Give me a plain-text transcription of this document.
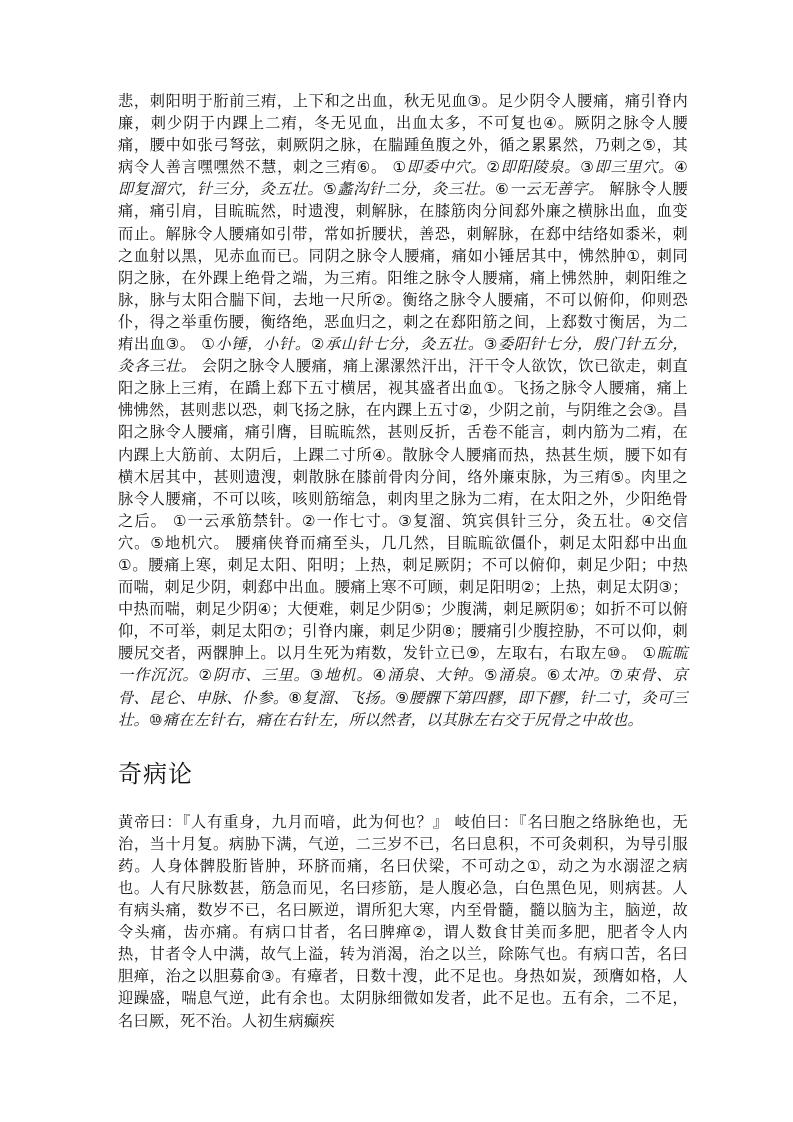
悲，刺阳明于胻前三痏，上下和之出血，秋无见血③。足少阴令人腰痛，痛引脊内廉，刺少阴于内踝上二痏，冬无见血，出血太多，不可复也④。厥阴之脉令人腰痛，腰中如张弓弩弦，刺厥阴之脉，在腨踵鱼腹之外，循之累累然，乃刺之⑤，其病令人善言嘿嘿然不慧，刺之三痏⑥。 ①即委中穴。②即阳陵泉。③即三里穴。④即复溜穴，针三分，灸五壮。⑤蠡沟针二分，灸三壮。⑥一云无善字。 解脉令人腰痛，痛引肩，目䀮䀮然，时遗溲，刺解脉，在膝筋肉分间郄外廉之横脉出血，血变而止。解脉令人腰痛如引带，常如折腰状，善恐，刺解脉，在郄中结络如黍米，刺之血射以黑，见赤血而已。同阴之脉令人腰痛，痛如小锤居其中，怫然肿①，刺同阴之脉，在外踝上绝骨之端，为三痏。阳维之脉令人腰痛，痛上怫然肿，刺阳维之脉，脉与太阳合腨下间，去地一尺所②。衡络之脉令人腰痛，不可以俯仰，仰则恐仆，得之举重伤腰，衡络绝，恶血归之，刺之在郄阳筋之间，上郄数寸衡居，为二痏出血③。 ①小锤，小针。②承山针七分，灸五壮。③委阳针七分，殷门针五分，灸各三壮。 会阴之脉令人腰痛，痛上漯漯然汗出，汗干令人欲饮，饮已欲走，刺直阳之脉上三痏，在蹻上郄下五寸横居，视其盛者出血①。飞扬之脉令人腰痛，痛上怫怫然，甚则悲以恐，刺飞扬之脉，在内踝上五寸②，少阴之前，与阴维之会③。昌阳之脉令人腰痛，痛引膺，目䀮䀮然，甚则反折，舌卷不能言，刺内筋为二痏，在内踝上大筋前、太阴后，上踝二寸所④。散脉令人腰痛而热，热甚生烦，腰下如有横木居其中，甚则遗溲，刺散脉在膝前骨肉分间，络外廉束脉，为三痏⑤。肉里之脉令人腰痛，不可以咳，咳则筋缩急，刺肉里之脉为二痏，在太阳之外，少阳绝骨之后。 ①一云承筋禁针。②一作七寸。③复溜、筑宾俱针三分，灸五壮。④交信穴。⑤地机穴。 腰痛侠脊而痛至头，几几然，目䀮䀮欲僵仆，刺足太阳郄中出血①。腰痛上寒，刺足太阳、阳明；上热，刺足厥阴；不可以俯仰，刺足少阳；中热而喘，刺足少阴，刺郄中出血。腰痛上寒不可顾，刺足阳明②；上热，刺足太阴③；中热而喘，刺足少阴④；大便难，刺足少阴⑤；少腹满，刺足厥阴⑥；如折不可以俯仰，不可举，刺足太阳⑦；引脊内廉，刺足少阴⑧；腰痛引少腹控胁，不可以仰，刺腰尻交者，两髁胂上。以月生死为痏数，发针立已⑨，左取右，右取左⑩。 ①䀮䀮一作沉沉。②阴市、三里。③地机。④涌泉、大钟。⑤涌泉。⑥太冲。⑦束骨、京骨、昆仑、申脉、仆参。⑧复溜、飞扬。⑨腰髁下第四髎，即下髎，针二寸，灸可三壮。⑩痛在左针右，痛在右针左，所以然者，以其脉左右交于尻骨之中故也。

奇病论

黄帝曰：『人有重身，九月而喑，此为何也？』 岐伯曰：『名曰胞之络脉绝也，无治，当十月复。病胁下满，气逆，二三岁不已，名曰息积，不可灸刺积，为导引服药。人身体髀股胻皆肿，环脐而痛，名曰伏梁，不可动之①，动之为水溺涩之病也。人有尺脉数甚，筋急而见，名曰疹筋，是人腹必急，白色黑色见，则病甚。人有病头痛，数岁不已，名曰厥逆，谓所犯大寒，内至骨髓，髓以脑为主，脑逆，故令头痛，齿亦痛。有病口甘者，名曰脾瘅②，谓人数食甘美而多肥，肥者令人内热，甘者令人中满，故气上溢，转为消渴，治之以兰，除陈气也。有病口苦，名曰胆瘅，治之以胆募俞③。有瘴者，日数十溲，此不足也。身热如炭，颈膺如格，人迎躁盛，喘息气逆，此有余也。太阴脉细微如发者，此不足也。五有余，二不足，名曰厥，死不治。人初生病癫疾
